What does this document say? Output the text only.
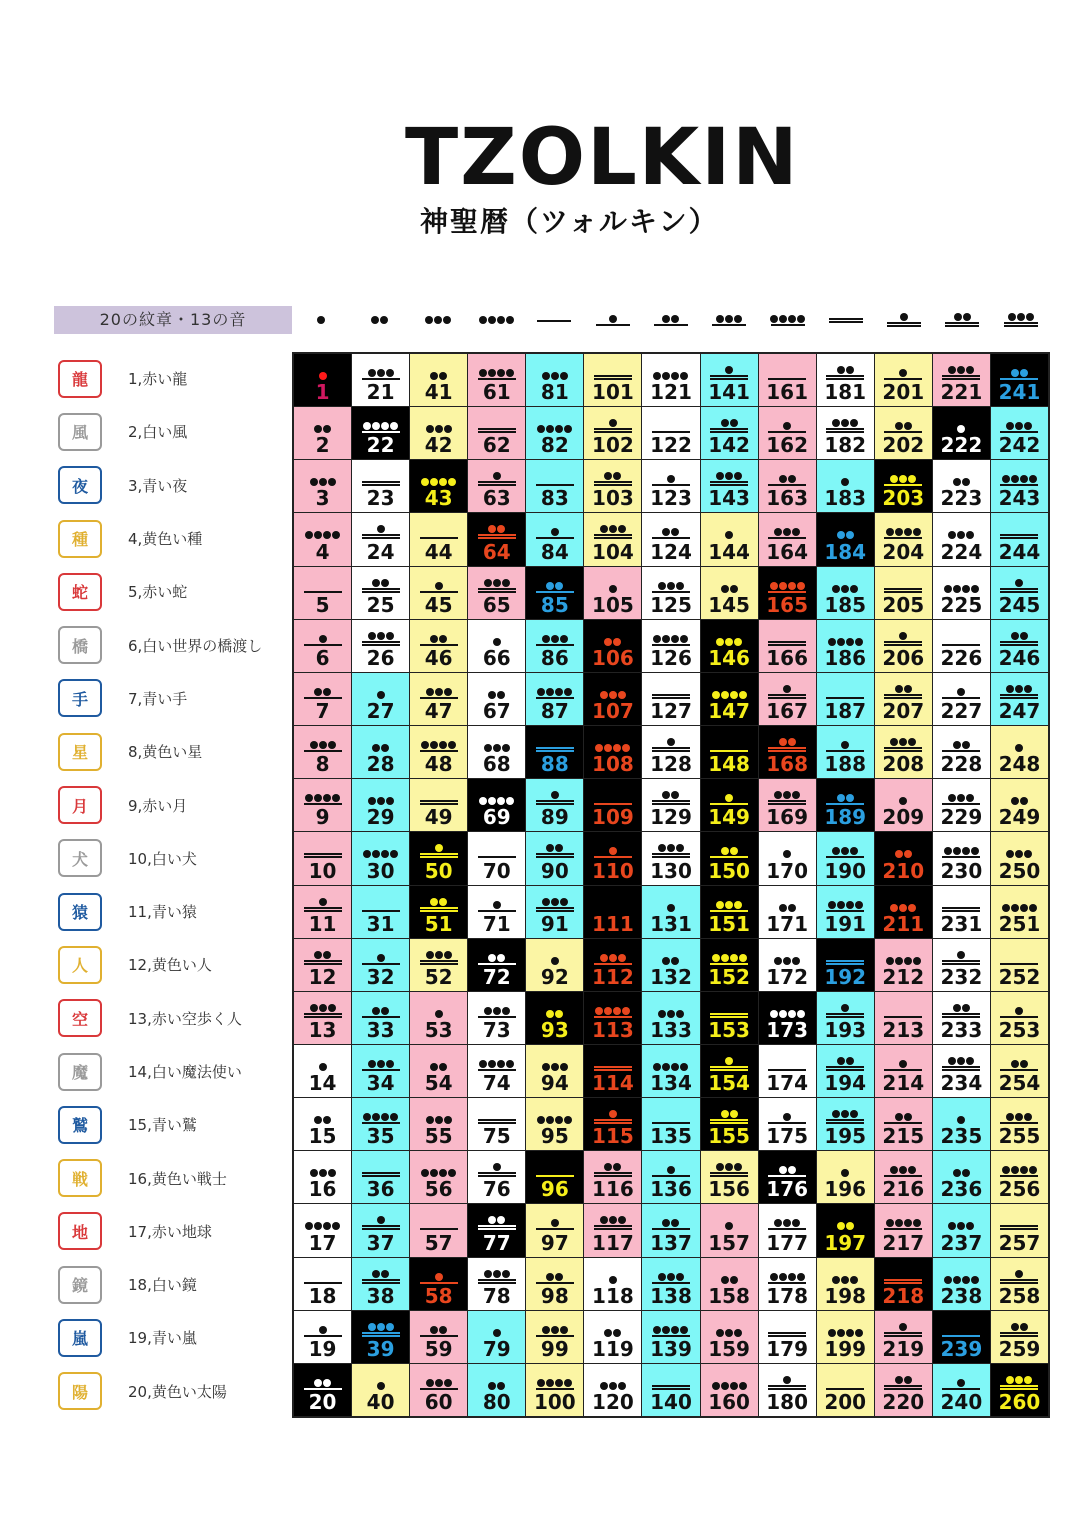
TZOLKIN
神聖暦（ツォルキン）
20の紋章・13の音
龍	1,赤い龍
風	2,白い風
夜	3,青い夜
種	4,黄色い種
蛇	5,赤い蛇
橋	6,白い世界の橋渡し
手	7,青い手
星	8,黄色い星
月	9,赤い月
犬	10,白い犬
猿	11,青い猿
人	12,黄色い人
空	13,赤い空歩く人
魔	14,白い魔法使い
鷲	15,青い鷲
戦	16,黄色い戦士
地	17,赤い地球
鏡	18,白い鏡
嵐	19,青い嵐
陽	20,黄色い太陽
1 21 41 61 81 101 121 141 161 181 201 221 241
2 22 42 62 82 102 122 142 162 182 202 222 242
3 23 43 63 83 103 123 143 163 183 203 223 243
4 24 44 64 84 104 124 144 164 184 204 224 244
5 25 45 65 85 105 125 145 165 185 205 225 245
6 26 46 66 86 106 126 146 166 186 206 226 246
7 27 47 67 87 107 127 147 167 187 207 227 247
8 28 48 68 88 108 128 148 168 188 208 228 248
9 29 49 69 89 109 129 149 169 189 209 229 249
10 30 50 70 90 110 130 150 170 190 210 230 250
11 31 51 71 91 111 131 151 171 191 211 231 251
12 32 52 72 92 112 132 152 172 192 212 232 252
13 33 53 73 93 113 133 153 173 193 213 233 253
14 34 54 74 94 114 134 154 174 194 214 234 254
15 35 55 75 95 115 135 155 175 195 215 235 255
16 36 56 76 96 116 136 156 176 196 216 236 256
17 37 57 77 97 117 137 157 177 197 217 237 257
18 38 58 78 98 118 138 158 178 198 218 238 258
19 39 59 79 99 119 139 159 179 199 219 239 259
20 40 60 80 100 120 140 160 180 200 220 240 260
